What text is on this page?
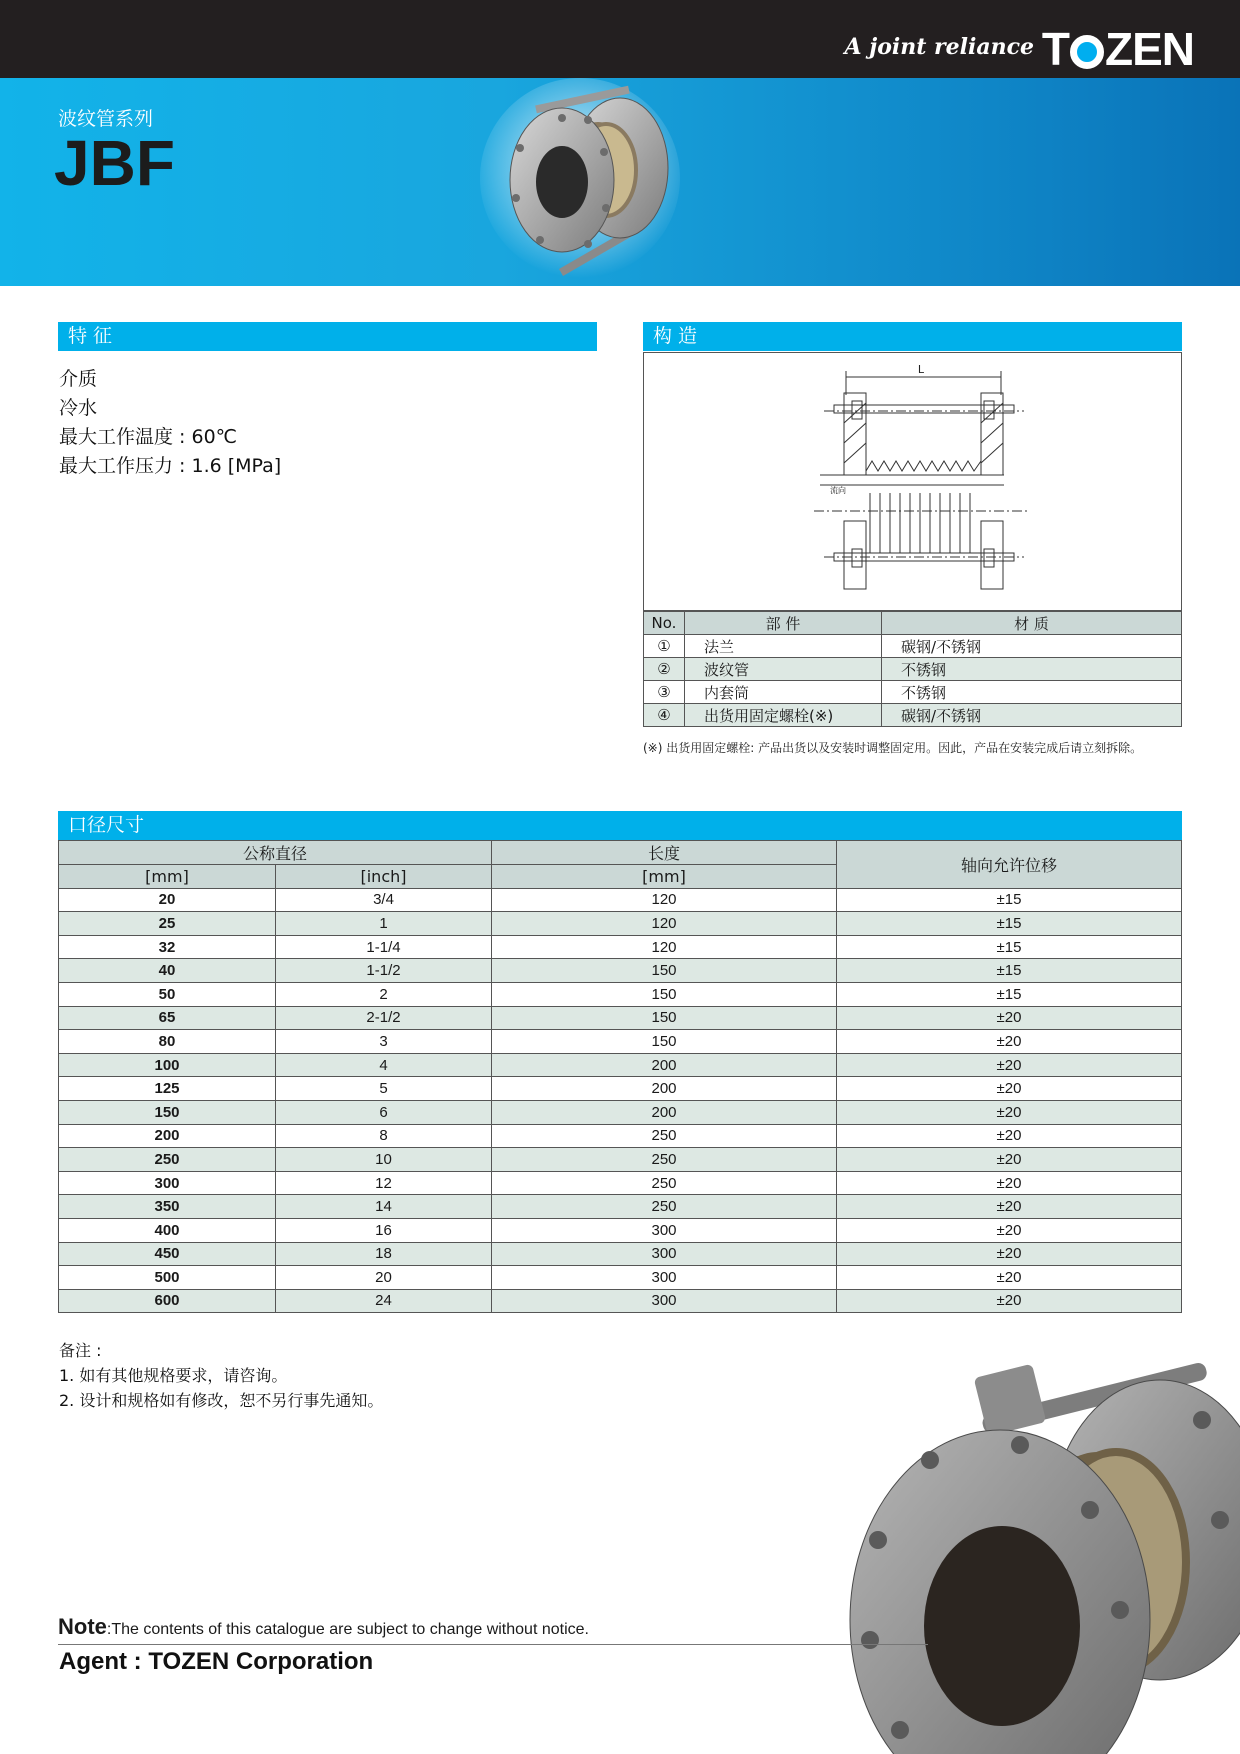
A joint reliance T ZEN
波纹管系列
JBF
特 征
介质
冷水
最大工作温度 : 60℃
最大工作压力 : 1.6 [MPa]
构 造
L
流向
No.	部 件	材 质
①	法兰	碳钢/不锈钢
②	波纹管	不锈钢
③	内套筒	不锈钢
④	出货用固定螺栓(※)	碳钢/不锈钢
(※) 出货用固定螺栓: 产品出货以及安装时调整固定用。因此，产品在安装完成后请立刻拆除。
口径尺寸
公称直径		长度	轴向允许位移
[mm]	[inch]	[mm]	
20	3/4	120	±15
25	1	120	±15
32	1-1/4	120	±15
40	1-1/2	150	±15
50	2	150	±15
65	2-1/2	150	±20
80	3	150	±20
100	4	200	±20
125	5	200	±20
150	6	200	±20
200	8	250	±20
250	10	250	±20
300	12	250	±20
350	14	250	±20
400	16	300	±20
450	18	300	±20
500	20	300	±20
600	24	300	±20
备注 :
1. 如有其他规格要求，请咨询。
2. 设计和规格如有修改，恕不另行事先通知。
Note:The contents of this catalogue are subject to change without notice.
Agent : TOZEN Corporation
